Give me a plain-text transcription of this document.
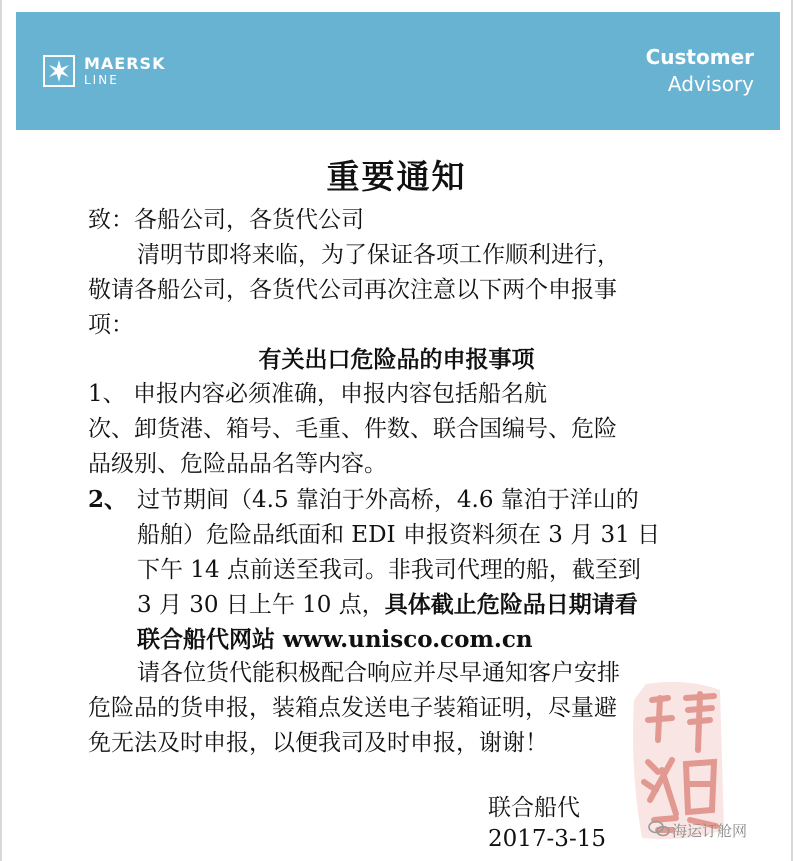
MAERSK
LINE
Customer
Advisory
重要通知
致：各船公司，各货代公司
清明节即将来临，为了保证各项工作顺利进行，
敬请各船公司，各货代公司再次注意以下两个申报事
项：
有关出口危险品的申报事项
1、 申报内容必须准确，申报内容包括船名航
次、卸货港、箱号、毛重、件数、联合国编号、危险
品级别、危险品品名等内容。
2、 过节期间（4.5 靠泊于外高桥，4.6 靠泊于洋山的
船舶）危险品纸面和 EDI 申报资料须在 3 月 31 日
下午 14 点前送至我司。非我司代理的船，截至到
3 月 30 日上午 10 点，具体截止危险品日期请看
联合船代网站 www.unisco.com.cn
请各位货代能积极配合响应并尽早通知客户安排
危险品的货申报，装箱点发送电子装箱证明，尽量避
免无法及时申报，以便我司及时申报，谢谢！
联合船代
2017-3-15	海运订舱网
